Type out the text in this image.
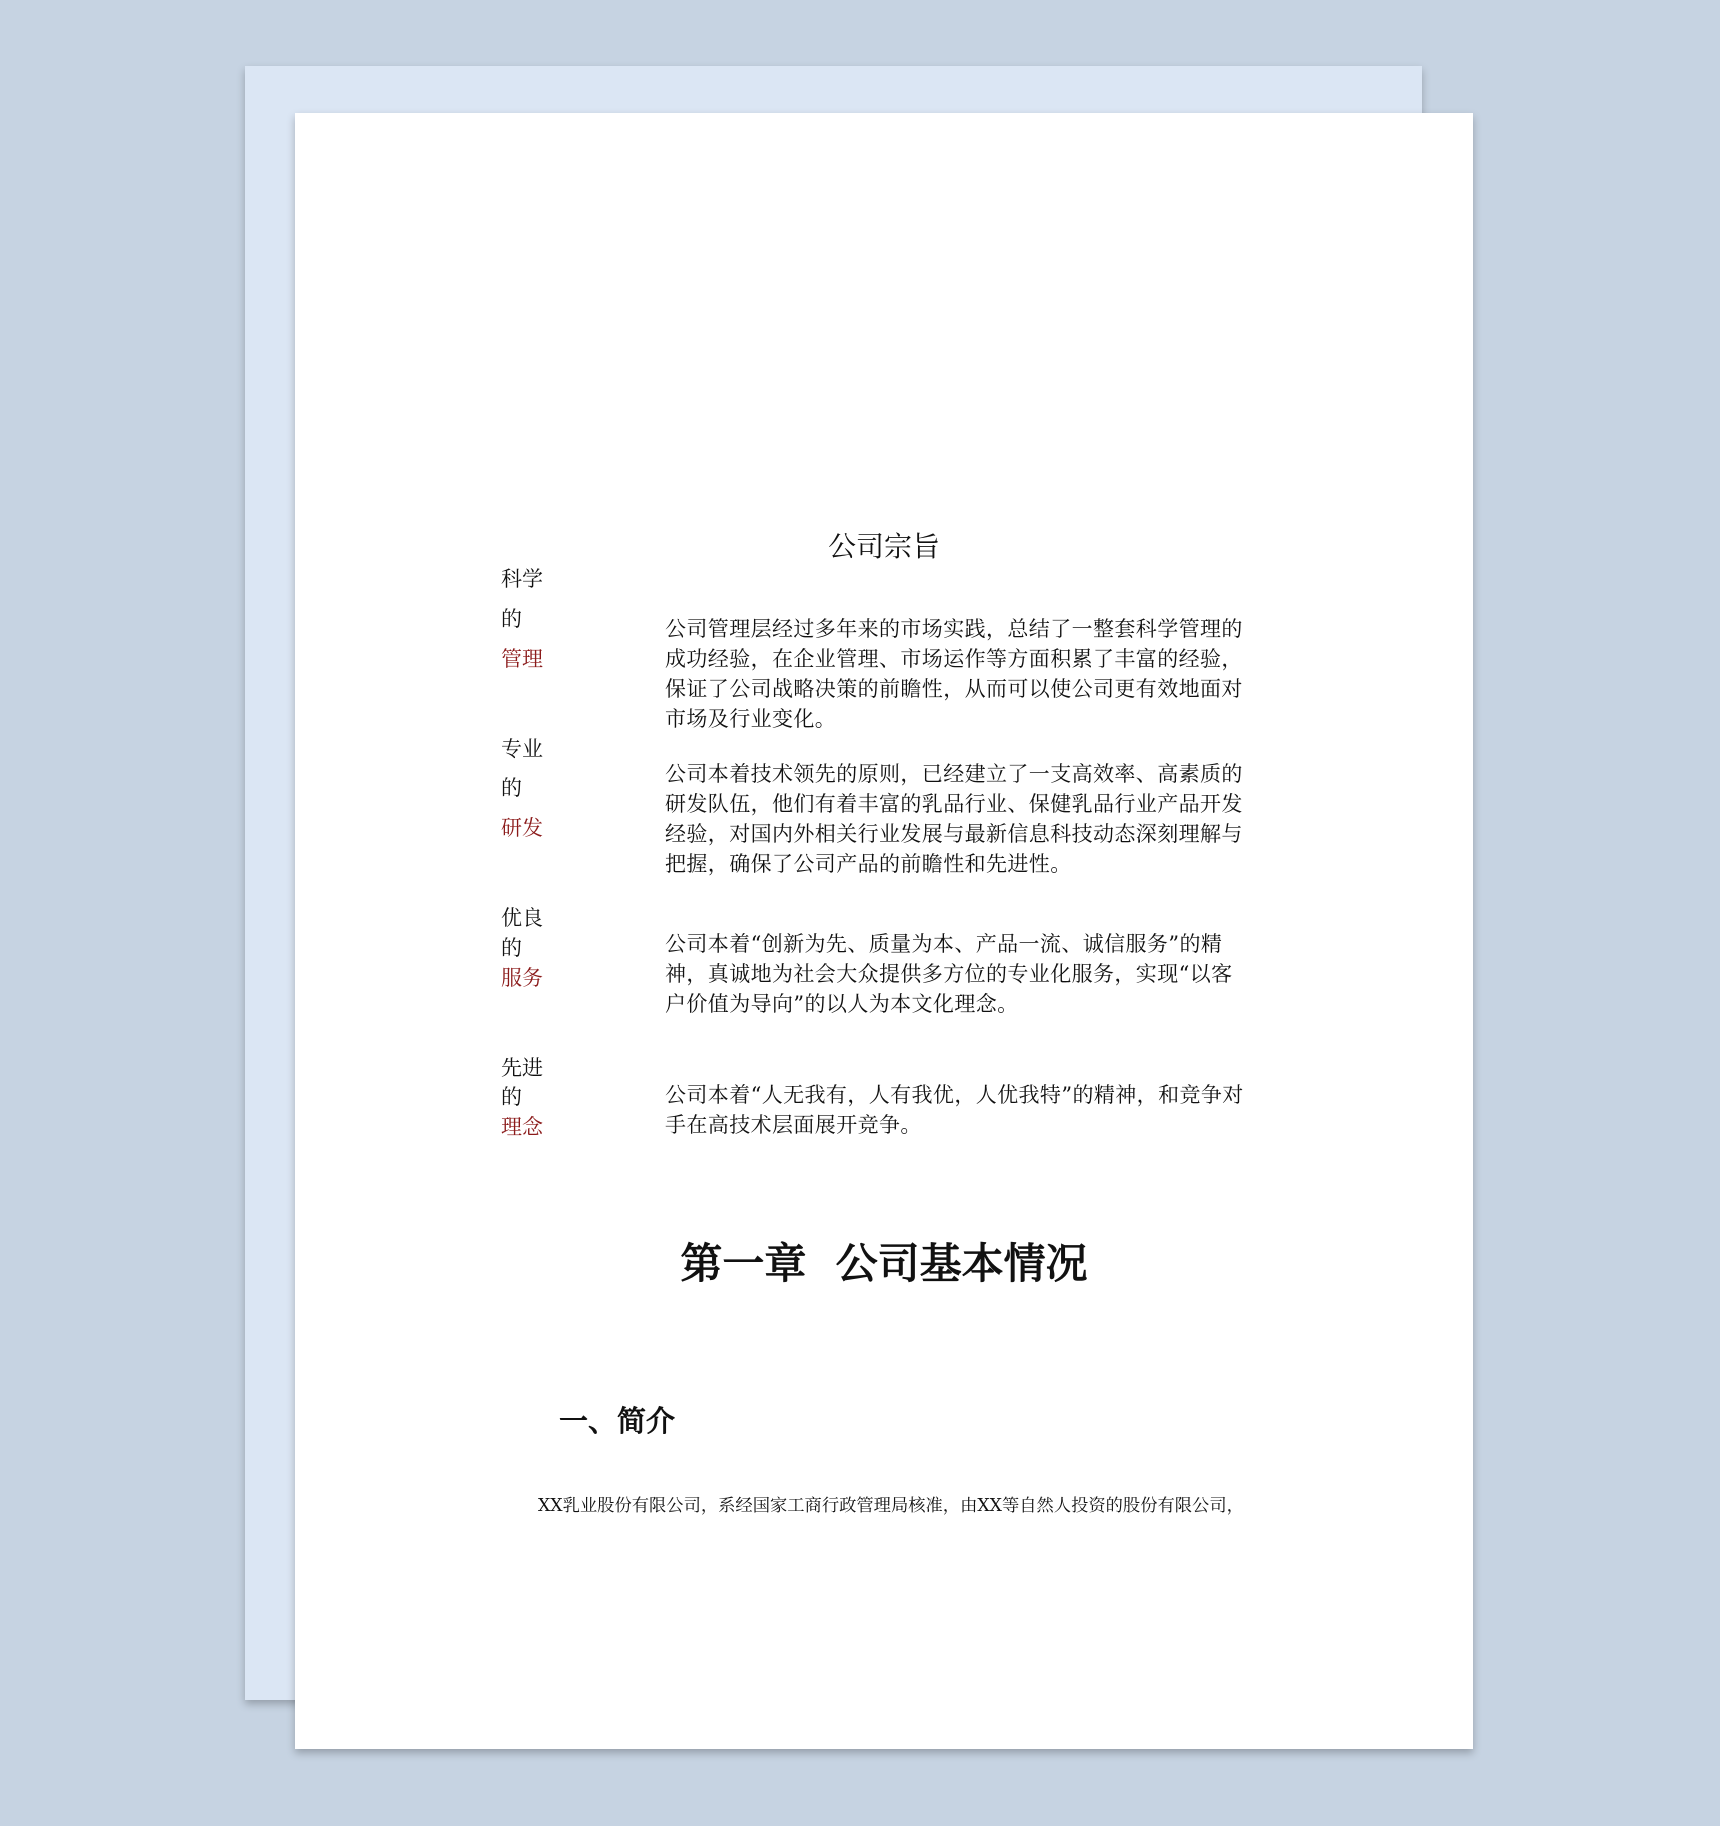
公司宗旨
科学
的
管理
公司管理层经过多年来的市场实践，总结了一整套科学管理的成功经验，在企业管理、市场运作等方面积累了丰富的经验，保证了公司战略决策的前瞻性，从而可以使公司更有效地面对市场及行业变化。
专业
的
研发
公司本着技术领先的原则，已经建立了一支高效率、高素质的研发队伍，他们有着丰富的乳品行业、保健乳品行业产品开发经验，对国内外相关行业发展与最新信息科技动态深刻理解与把握，确保了公司产品的前瞻性和先进性。
优良
的
服务
公司本着“创新为先、质量为本、产品一流、诚信服务”的精神，真诚地为社会大众提供多方位的专业化服务，实现“以客户价值为导向”的以人为本文化理念。
先进
的
理念
公司本着“人无我有，人有我优，人优我特”的精神，和竞争对手在高技术层面展开竞争。
第一章  公司基本情况
一、简介
XX乳业股份有限公司，系经国家工商行政管理局核准，由XX等自然人投资的股份有限公司，
